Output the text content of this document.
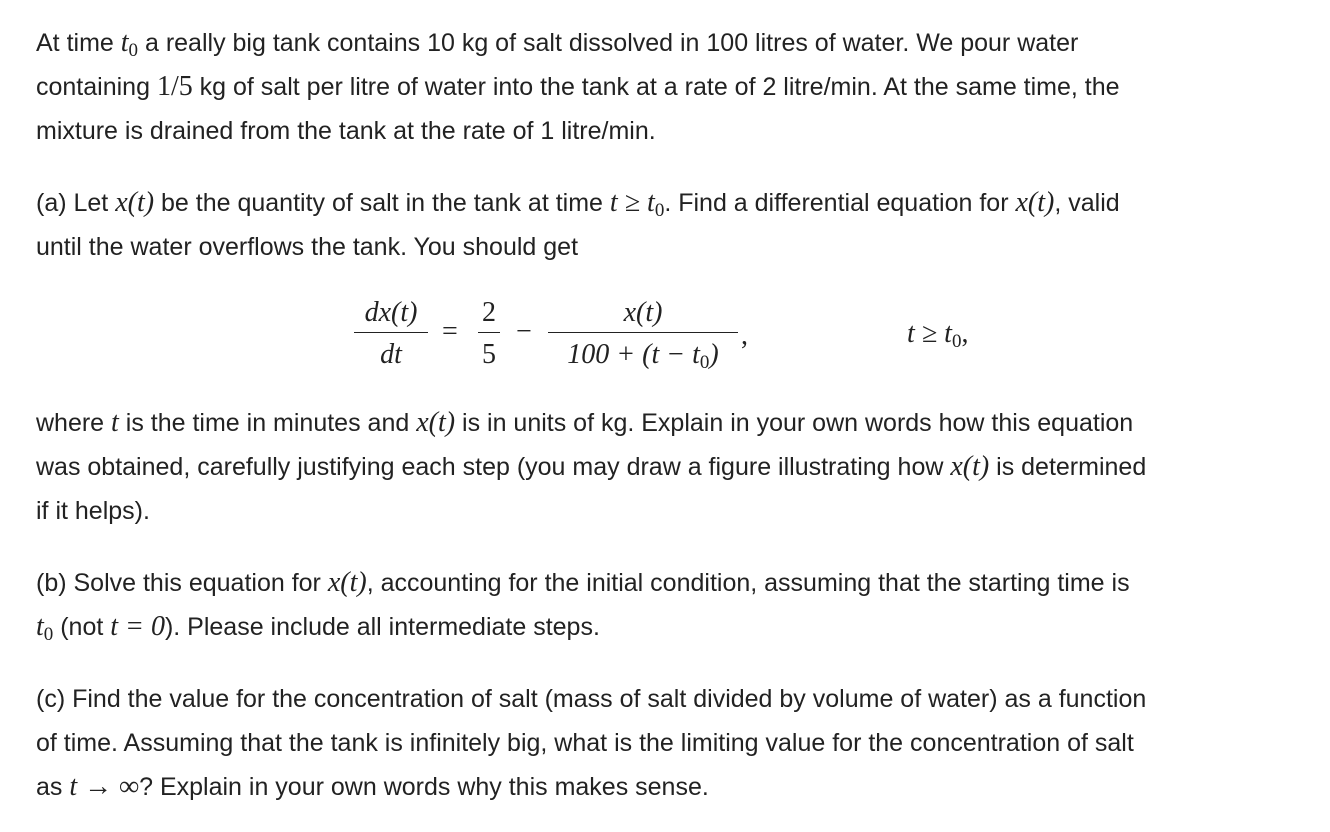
At time $t_0$ a really big tank contains 10 kg of salt dissolved in 100 litres of water. We pour water
containing 1/5 kg of salt per litre of water into the tank at a rate of 2 litre/min. At the same time, the
mixture is drained from the tank at the rate of 1 litre/min.

(a) Let x(t) be the quantity of salt in the tank at time $t \ge t_0$. Find a differential equation for x(t), valid
until the water overflows the tank. You should get

dx(t)
dt
=
2
5
−
x(t)
$100 + (t - t_0)$
,	$t \ge t_0$,

where t is the time in minutes and x(t) is in units of kg. Explain in your own words how this equation
was obtained, carefully justifying each step (you may draw a figure illustrating how x(t) is determined
if it helps).

(b) Solve this equation for x(t), accounting for the initial condition, assuming that the starting time is
$t_0$ (not t = 0). Please include all intermediate steps.

(c) Find the value for the concentration of salt (mass of salt divided by volume of water) as a function
of time. Assuming that the tank is infinitely big, what is the limiting value for the concentration of salt
as t → ∞? Explain in your own words why this makes sense.
